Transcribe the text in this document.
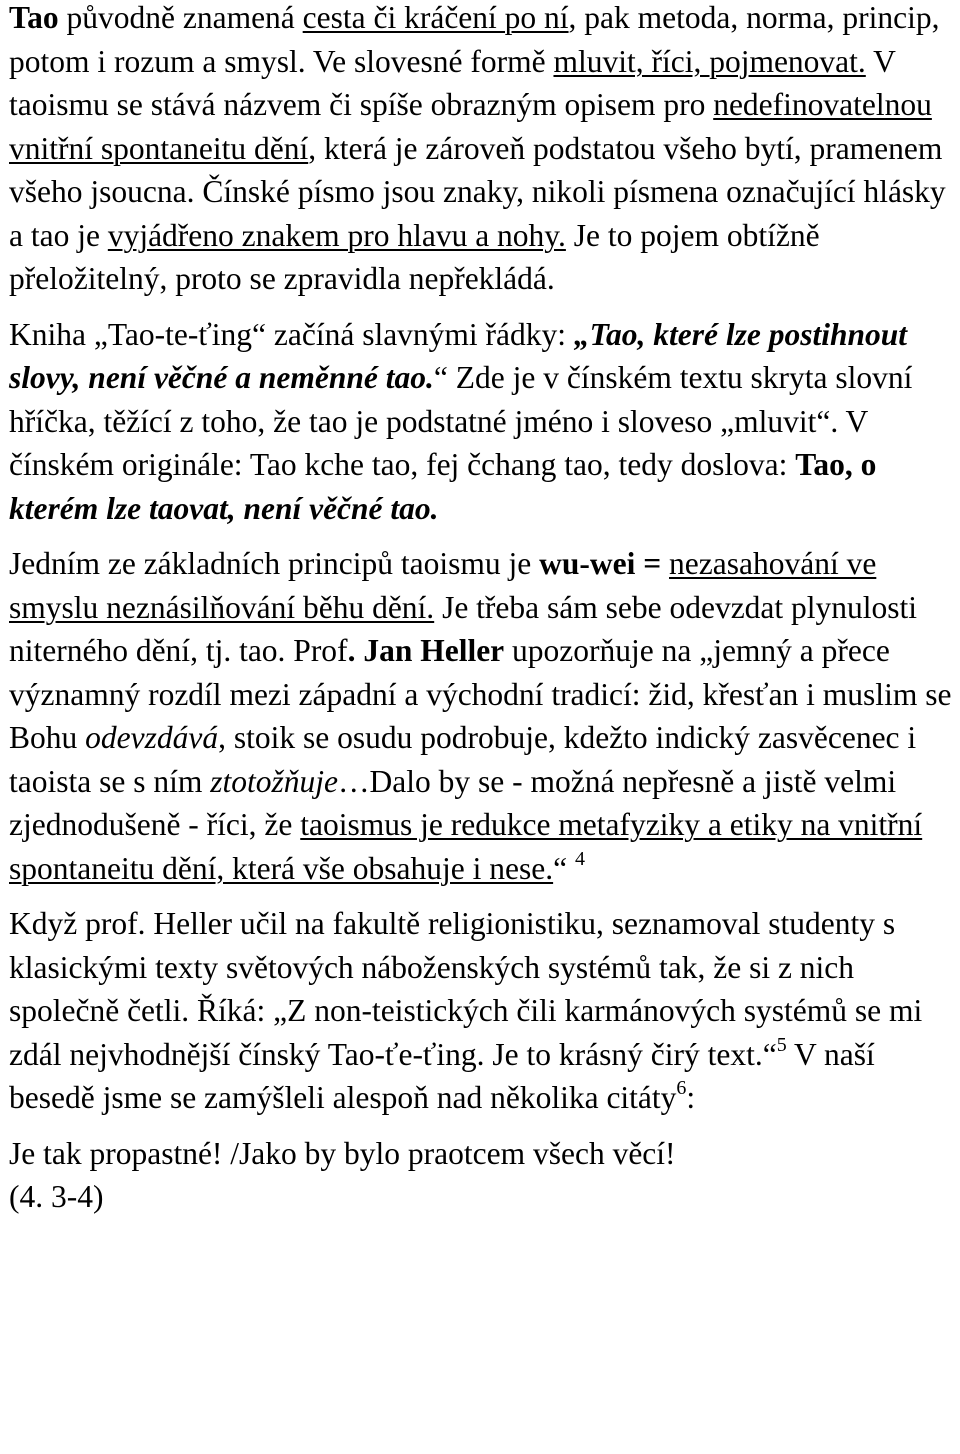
Tao původně znamená cesta či kráčení po ní, pak metoda, norma, princip, potom i rozum a smysl. Ve slovesné formě mluvit, říci, pojmenovat. V taoismu se stává názvem či spíše obrazným opisem pro nedefinovatelnou vnitřní spontaneitu dění, která je zároveň podstatou všeho bytí, pramenem všeho jsoucna. Čínské písmo jsou znaky, nikoli písmena označující hlásky a tao je vyjádřeno znakem pro hlavu a nohy. Je to pojem obtížně přeložitelný, proto se zpravidla nepřekládá.

Kniha „Tao-te-ťing“ začíná slavnými řádky: „Tao, které lze postihnout slovy, není věčné a neměnné tao.“ Zde je v čínském textu skryta slovní hříčka, těžící z toho, že tao je podstatné jméno i sloveso „mluvit“. V čínském originále: Tao kche tao, fej čchang tao, tedy doslova: Tao, o kterém lze taovat, není věčné tao.

Jedním ze základních principů taoismu je wu-wei = nezasahování ve smyslu neznásilňování běhu dění. Je třeba sám sebe odevzdat plynulosti niterného dění, tj. tao. Prof. Jan Heller upozorňuje na „jemný a přece významný rozdíl mezi západní a východní tradicí: žid, křesťan i muslim se Bohu odevzdává, stoik se osudu podrobuje, kdežto indický zasvěcenec i taoista se s ním ztotožňuje…Dalo by se - možná nepřesně a jistě velmi zjednodušeně - říci, že taoismus je redukce metafyziky a etiky na vnitřní spontaneitu dění, která vše obsahuje i nese.“ $^4$

Když prof. Heller učil na fakultě religionistiku, seznamoval studenty s klasickými texty světových náboženských systémů tak, že si z nich společně četli. Říká: „Z non-teistických čili karmánových systémů se mi zdál nejvhodnější čínský Tao-ťe-ťing. Je to krásný čirý text.“$^5$ V naší besedě jsme se zamýšleli alespoň nad několika citáty$^6$:

Je tak propastné! /Jako by bylo praotcem všech věcí!
(4. 3-4)
